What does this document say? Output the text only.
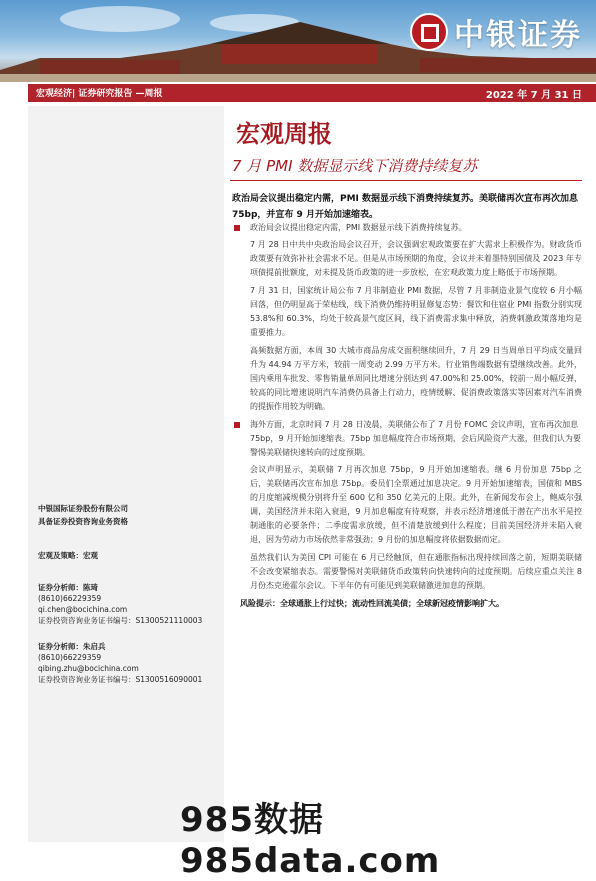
中银证券
宏观经济| 证券研究报告 —周报	2022 年 7 月 31 日
中银国际证券股份有限公司
具备证券投资咨询业务资格
宏观及策略：宏观
证券分析师：陈琦
(8610)66229359
qi.chen@bocichina.com
证券投资咨询业务证书编号：S1300521110003
证券分析师：朱启兵
(8610)66229359
qibing.zhu@bocichina.com
证券投资咨询业务证书编号：S1300516090001
宏观周报
7 月 PMI 数据显示线下消费持续复苏
政治局会议提出稳定内需，PMI 数据显示线下消费持续复苏。美联储再次宣布再次加息 75bp，并宣布 9 月开始加速缩表。
政治局会议提出稳定内需，PMI 数据显示线下消费持续复苏。

7 月 28 日中共中央政治局会议召开，会议强调宏观政策要在扩大需求上积极作为。财政货币政策要有效弥补社会需求不足。但是从市场预期的角度，会议并未着墨特别国债及 2023 年专项债提前批额度，对未提及货币政策的进一步放松，在宏观政策力度上略低于市场预期。

7 月 31 日，国家统计局公布 7 月非制造业 PMI 数据，尽管 7 月非制造业景气度较 6 月小幅回落，但仍明显高于荣枯线，线下消费仍维持明显修复态势：餐饮和住宿业 PMI 指数分别实现 53.8%和 60.3%，均处于较高景气度区间，线下消费需求集中释放，消费刺激政策落地均是重要推力。

高频数据方面，本周 30 大城市商品房成交面积继续回升，7 月 29 日当周单日平均成交量回升为 44.94 万平方米，较前一周变动 2.99 万平方米。行业销售端数据有望继续改善。此外，国内乘用车批发、零售销量单周同比增速分别达到 47.00%和 25.00%，较前一周小幅反弹，较高的同比增速说明汽车消费仍具备上行动力，疫情缓解、促消费政策落实等因素对汽车消费的提振作用较为明确。

海外方面，北京时间 7 月 28 日凌晨，美联储公布了 7 月份 FOMC 会议声明，宣布再次加息 75bp，9 月开始加速缩表。75bp 加息幅度符合市场预期，会后风险资产大涨，但我们认为要警惕美联储快速转向的过度预期。

会议声明显示，美联储 7 月再次加息 75bp，9 月开始加速缩表。继 6 月份加息 75bp 之后，美联储再次宣布加息 75bp。委员们全票通过加息决定。9 月开始加速缩表，国债和 MBS 的月度缩减规模分别将升至 600 亿和 350 亿美元的上限。此外，在新闻发布会上，鲍威尔强调，美国经济并未陷入衰退，9 月加息幅度有待观察，并表示经济增速低于潜在产出水平是控制通胀的必要条件；二季度需求放缓，但不清楚放缓到什么程度；目前美国经济并未陷入衰退，因为劳动力市场依然非常强劲；9 月份的加息幅度将依据数据而定。

虽然我们认为美国 CPI 可能在 6 月已经触顶，但在通胀指标出现持续回落之前，短期美联储不会改变紧缩表态。需要警惕对美联储货币政策转向快速转向的过度预期。后续应重点关注 8 月份杰克逊霍尔会议。下半年仍有可能见到美联储激进加息的预期。

风险提示：全球通胀上行过快；流动性回流美债；全球新冠疫情影响扩大。
985数据 985data.com
